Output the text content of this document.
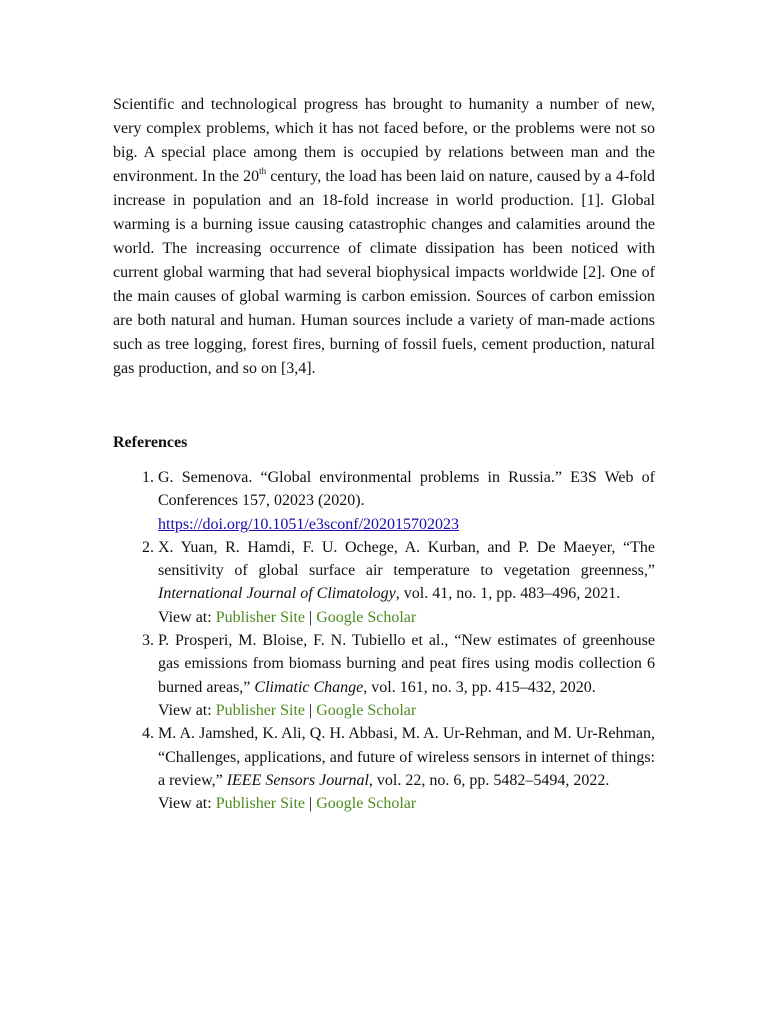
Scientific and technological progress has brought to humanity a number of new, very complex problems, which it has not faced before, or the problems were not so big. A special place among them is occupied by relations between man and the environment. In the 20th century, the load has been laid on nature, caused by a 4-fold increase in population and an 18-fold increase in world production. [1]. Global warming is a burning issue causing catastrophic changes and calamities around the world. The increasing occurrence of climate dissipation has been noticed with current global warming that had several biophysical impacts worldwide [2]. One of the main causes of global warming is carbon emission. Sources of carbon emission are both natural and human. Human sources include a variety of man-made actions such as tree logging, forest fires, burning of fossil fuels, cement production, natural gas production, and so on [3,4].

References
1. G. Semenova. “Global environmental problems in Russia.” E3S Web of Conferences 157, 02023 (2020).
https://doi.org/10.1051/e3sconf/202015702023
2. X. Yuan, R. Hamdi, F. U. Ochege, A. Kurban, and P. De Maeyer, “The sensitivity of global surface air temperature to vegetation greenness,” International Journal of Climatology, vol. 41, no. 1, pp. 483–496, 2021.
View at: Publisher Site | Google Scholar
3. P. Prosperi, M. Bloise, F. N. Tubiello et al., “New estimates of greenhouse gas emissions from biomass burning and peat fires using modis collection 6 burned areas,” Climatic Change, vol. 161, no. 3, pp. 415–432, 2020.
View at: Publisher Site | Google Scholar
4. M. A. Jamshed, K. Ali, Q. H. Abbasi, M. A. Ur-Rehman, and M. Ur-Rehman, “Challenges, applications, and future of wireless sensors in internet of things: a review,” IEEE Sensors Journal, vol. 22, no. 6, pp. 5482–5494, 2022.
View at: Publisher Site | Google Scholar
